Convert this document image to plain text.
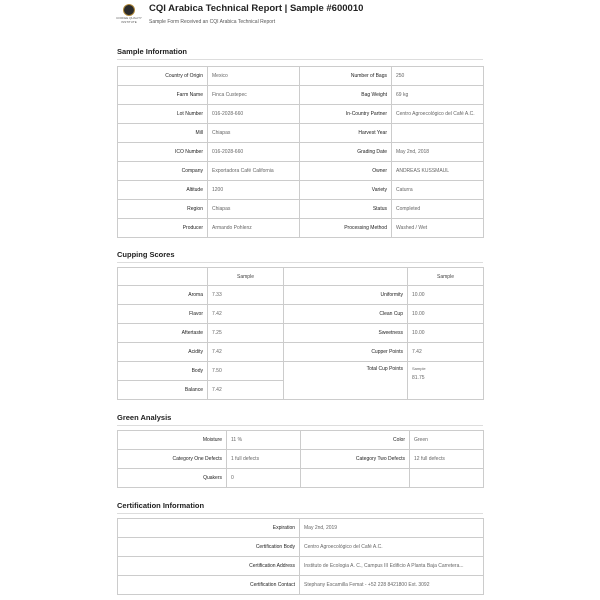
COFFEE QUALITY INSTITUTE
CQI Arabica Technical Report | Sample #600010
Sample Form Received an CQI Arabica Technical Report
Sample Information
Country of Origin	Mexico	Number of Bags	250
Farm Name	Finca Custepec	Bag Weight	69 kg
Lot Number	016-2028-660	In-Country Partner	Centro Agroecológico del Café A.C.
Mill	Chiapas	Harvest Year	
ICO Number	016-2028-660	Grading Date	May 2nd, 2018
Company	Exportadora Café California	Owner	ANDREAS KUSSMAUL
Altitude	1200	Variety	Caturra
Region	Chiapas	Status	Completed
Producer	Armando Pohlenz	Processing Method	Washed / Wet
Cupping Scores
	Sample		Sample
Aroma	7.33	Uniformity	10.00
Flavor	7.42	Clean Cup	10.00
Aftertaste	7.25	Sweetness	10.00
Acidity	7.42	Cupper Points	7.42
Body	7.50	Total Cup Points	Sample
81.75

Balance	7.42		
Green Analysis
Moisture	11 %	Color	Green
Category One Defects	1 full defects	Category Two Defects	12 full defects
Quakers	0		
Certification Information
Expiration	May 2nd, 2019
Certification Body	Centro Agroecológico del Café A.C.
Certification Address	Instituto de Ecologia A. C., Campus III Edificio A Planta Baja Carretera...
Certification Contact	Stephany Escamilla Femat - +52 228 8421800 Ext. 3092
